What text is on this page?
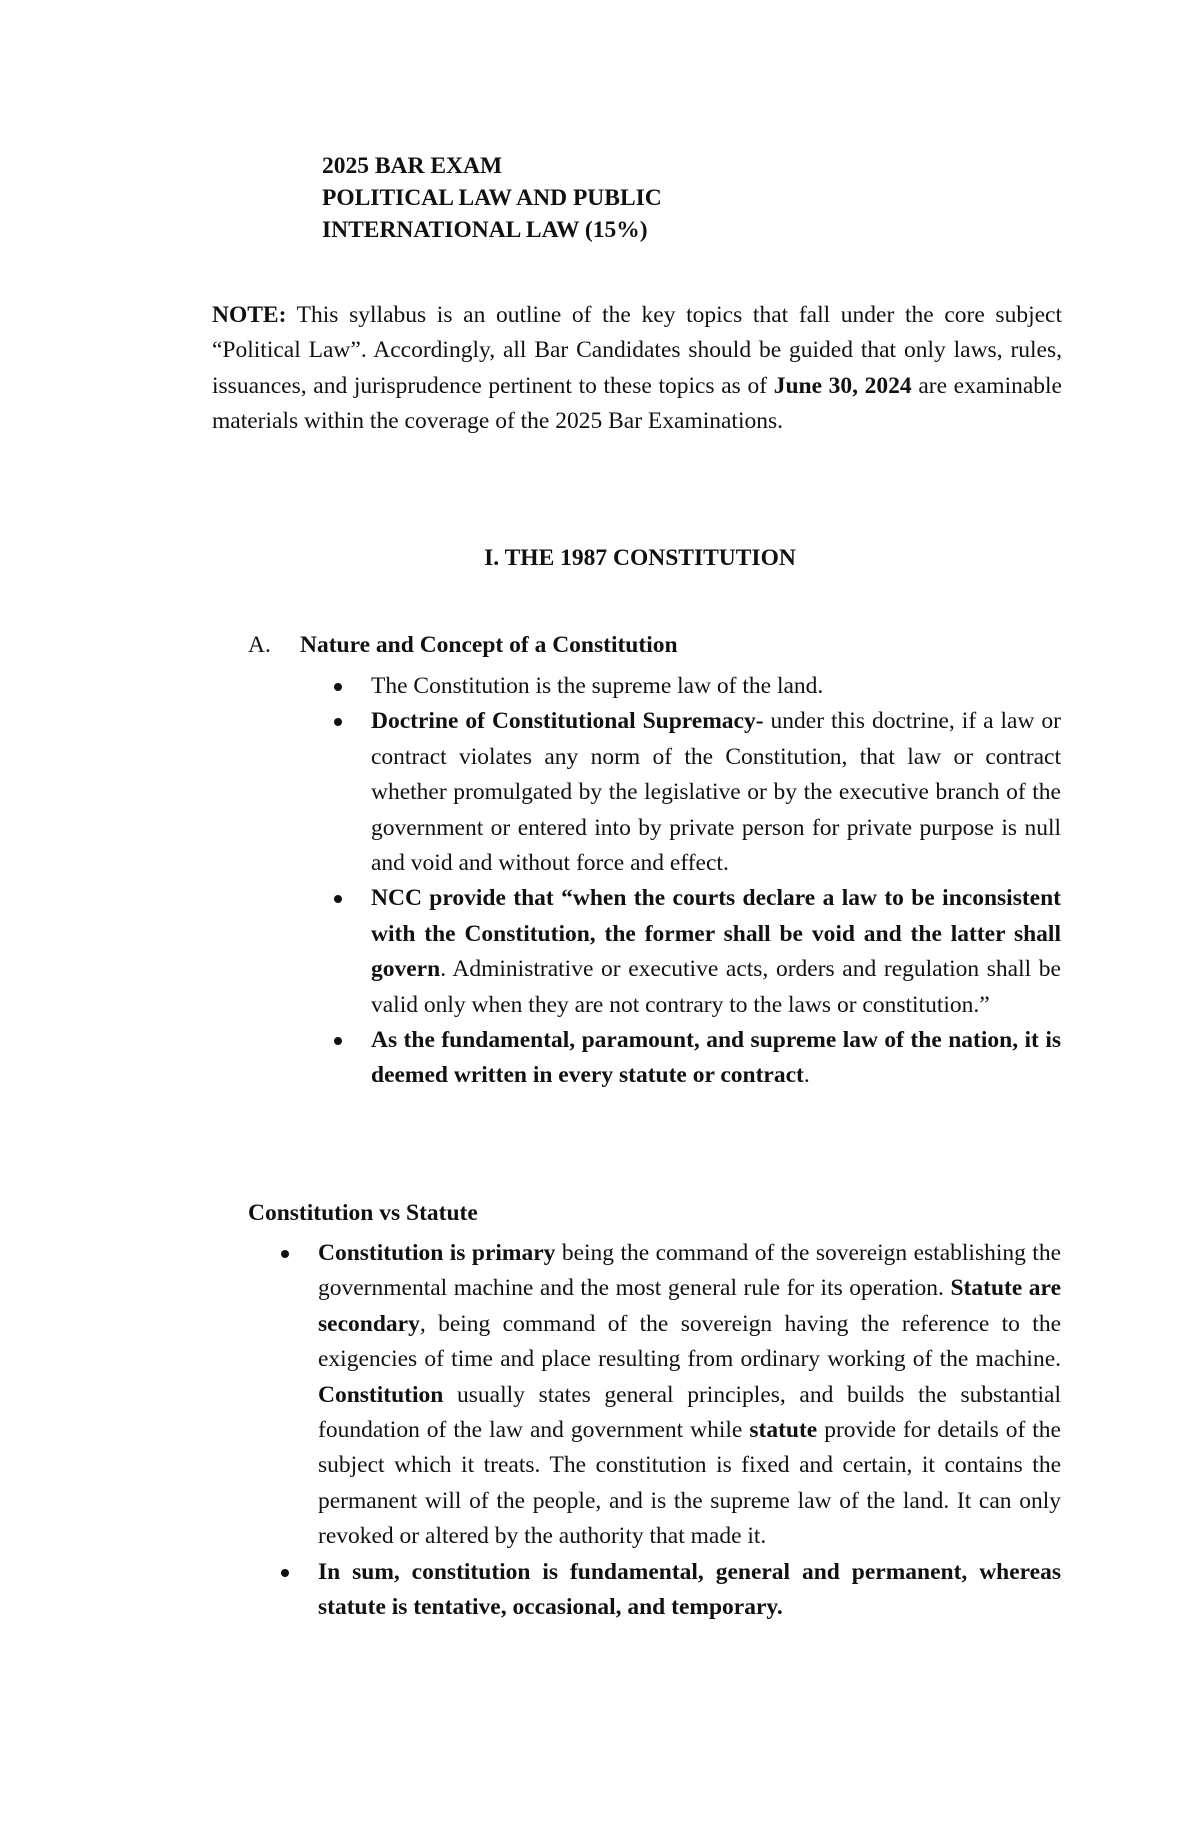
2025 BAR EXAM
POLITICAL LAW AND PUBLIC
INTERNATIONAL LAW (15%)
NOTE: This syllabus is an outline of the key topics that fall under the core subject “Political Law”. Accordingly, all Bar Candidates should be guided that only laws, rules, issuances, and jurisprudence pertinent to these topics as of June 30, 2024 are examinable materials within the coverage of the 2025 Bar Examinations.
I. THE 1987 CONSTITUTION
A. Nature and Concept of a Constitution
The Constitution is the supreme law of the land.
Doctrine of Constitutional Supremacy- under this doctrine, if a law or contract violates any norm of the Constitution, that law or contract whether promulgated by the legislative or by the executive branch of the government or entered into by private person for private purpose is null and void and without force and effect.
NCC provide that “when the courts declare a law to be inconsistent with the Constitution, the former shall be void and the latter shall govern. Administrative or executive acts, orders and regulation shall be valid only when they are not contrary to the laws or constitution.”
As the fundamental, paramount, and supreme law of the nation, it is deemed written in every statute or contract.
Constitution vs Statute
Constitution is primary being the command of the sovereign establishing the governmental machine and the most general rule for its operation. Statute are secondary, being command of the sovereign having the reference to the exigencies of time and place resulting from ordinary working of the machine. Constitution usually states general principles, and builds the substantial foundation of the law and government while statute provide for details of the subject which it treats. The constitution is fixed and certain, it contains the permanent will of the people, and is the supreme law of the land. It can only revoked or altered by the authority that made it.
In sum, constitution is fundamental, general and permanent, whereas statute is tentative, occasional, and temporary.
